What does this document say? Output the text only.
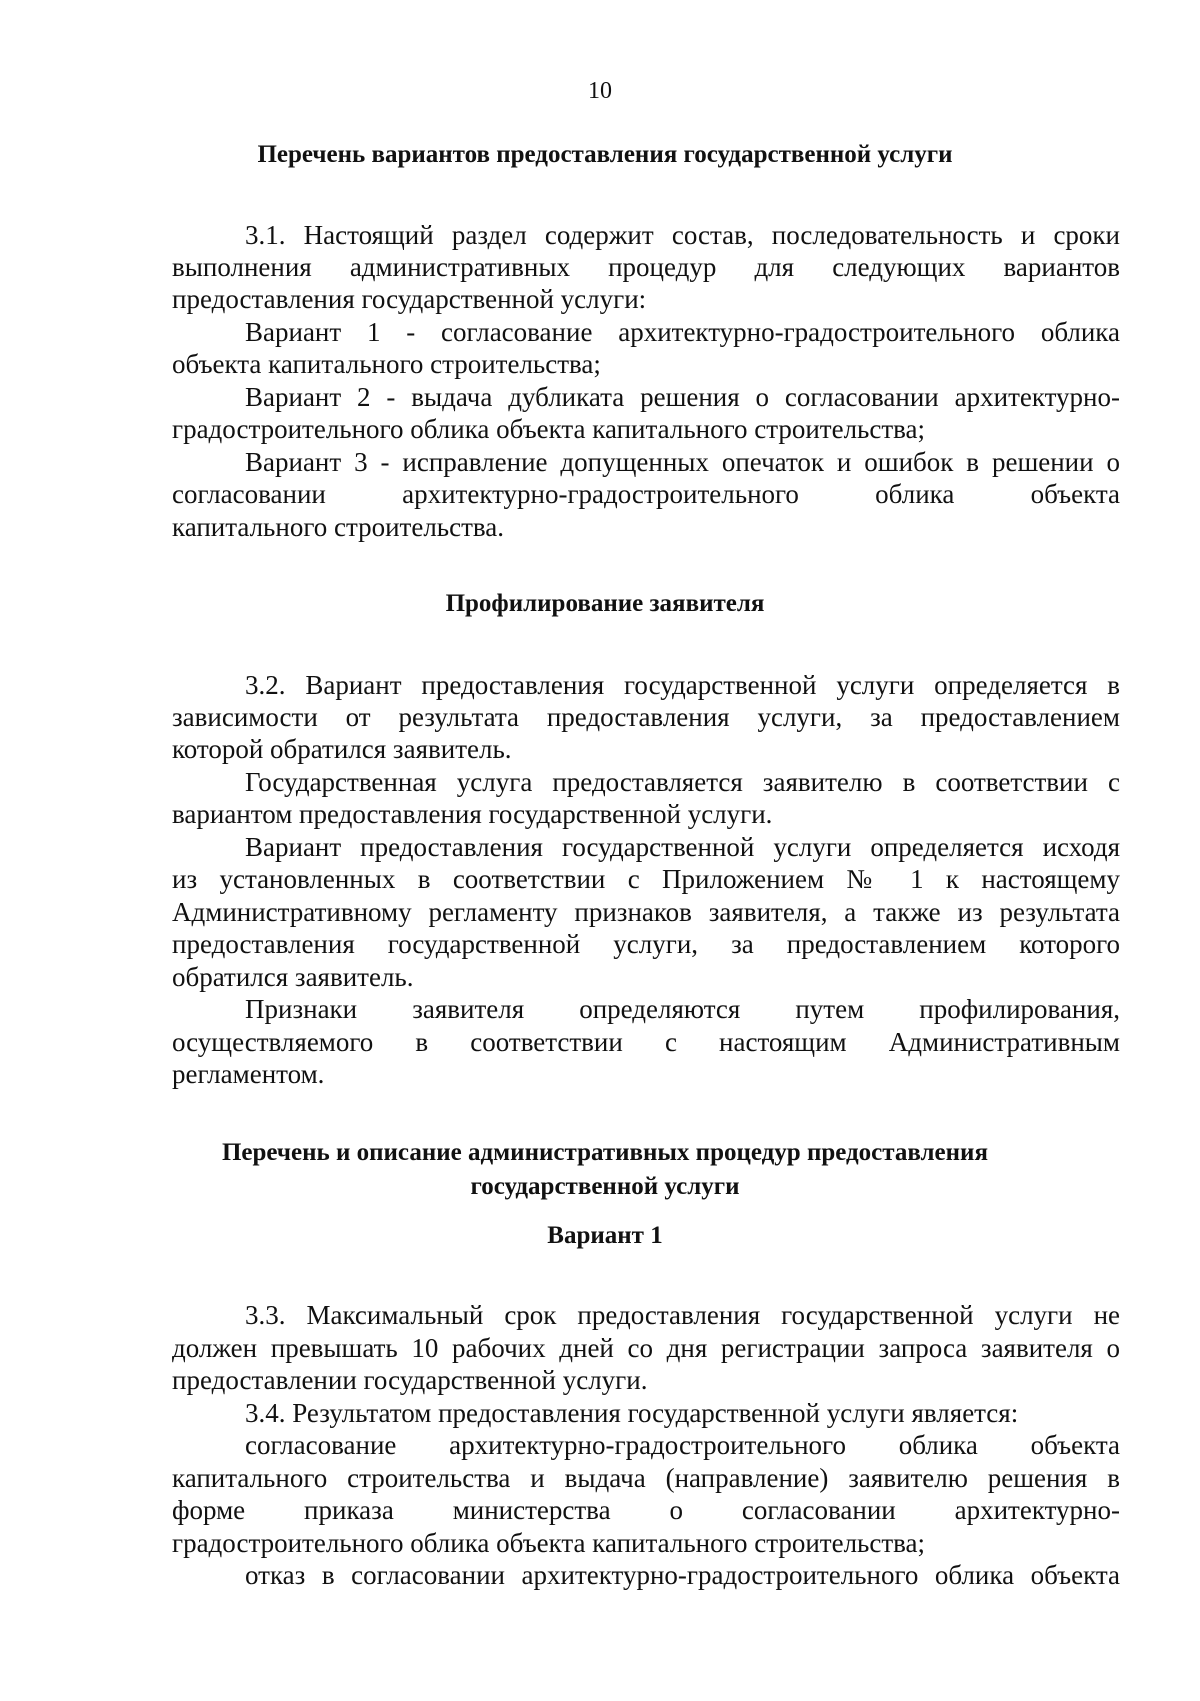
10
Перечень вариантов предоставления государственной услуги
3.1. Настоящий раздел содержит состав, последовательность и сроки
выполнения административных процедур для следующих вариантов
предоставления государственной услуги:
Вариант 1 - согласование архитектурно-градостроительного облика
объекта капитального строительства;
Вариант 2 - выдача дубликата решения о согласовании архитектурно-
градостроительного облика объекта капитального строительства;
Вариант 3 - исправление допущенных опечаток и ошибок в решении о
согласовании архитектурно-градостроительного облика объекта
капитального строительства.
Профилирование заявителя
3.2. Вариант предоставления государственной услуги определяется в
зависимости от результата предоставления услуги, за предоставлением
которой обратился заявитель.
Государственная услуга предоставляется заявителю в соответствии с
вариантом предоставления государственной услуги.
Вариант предоставления государственной услуги определяется исходя
из установленных в соответствии с Приложением № 1 к настоящему
Административному регламенту признаков заявителя, а также из результата
предоставления государственной услуги, за предоставлением которого
обратился заявитель.
Признаки заявителя определяются путем профилирования,
осуществляемого в соответствии с настоящим Административным
регламентом.
Перечень и описание административных процедур предоставления
государственной услуги
Вариант 1
3.3. Максимальный срок предоставления государственной услуги не
должен превышать 10 рабочих дней со дня регистрации запроса заявителя о
предоставлении государственной услуги.
3.4. Результатом предоставления государственной услуги является:
согласование архитектурно-градостроительного облика объекта
капитального строительства и выдача (направление) заявителю решения в
форме приказа министерства о согласовании архитектурно-
градостроительного облика объекта капитального строительства;
отказ в согласовании архитектурно-градостроительного облика объекта
